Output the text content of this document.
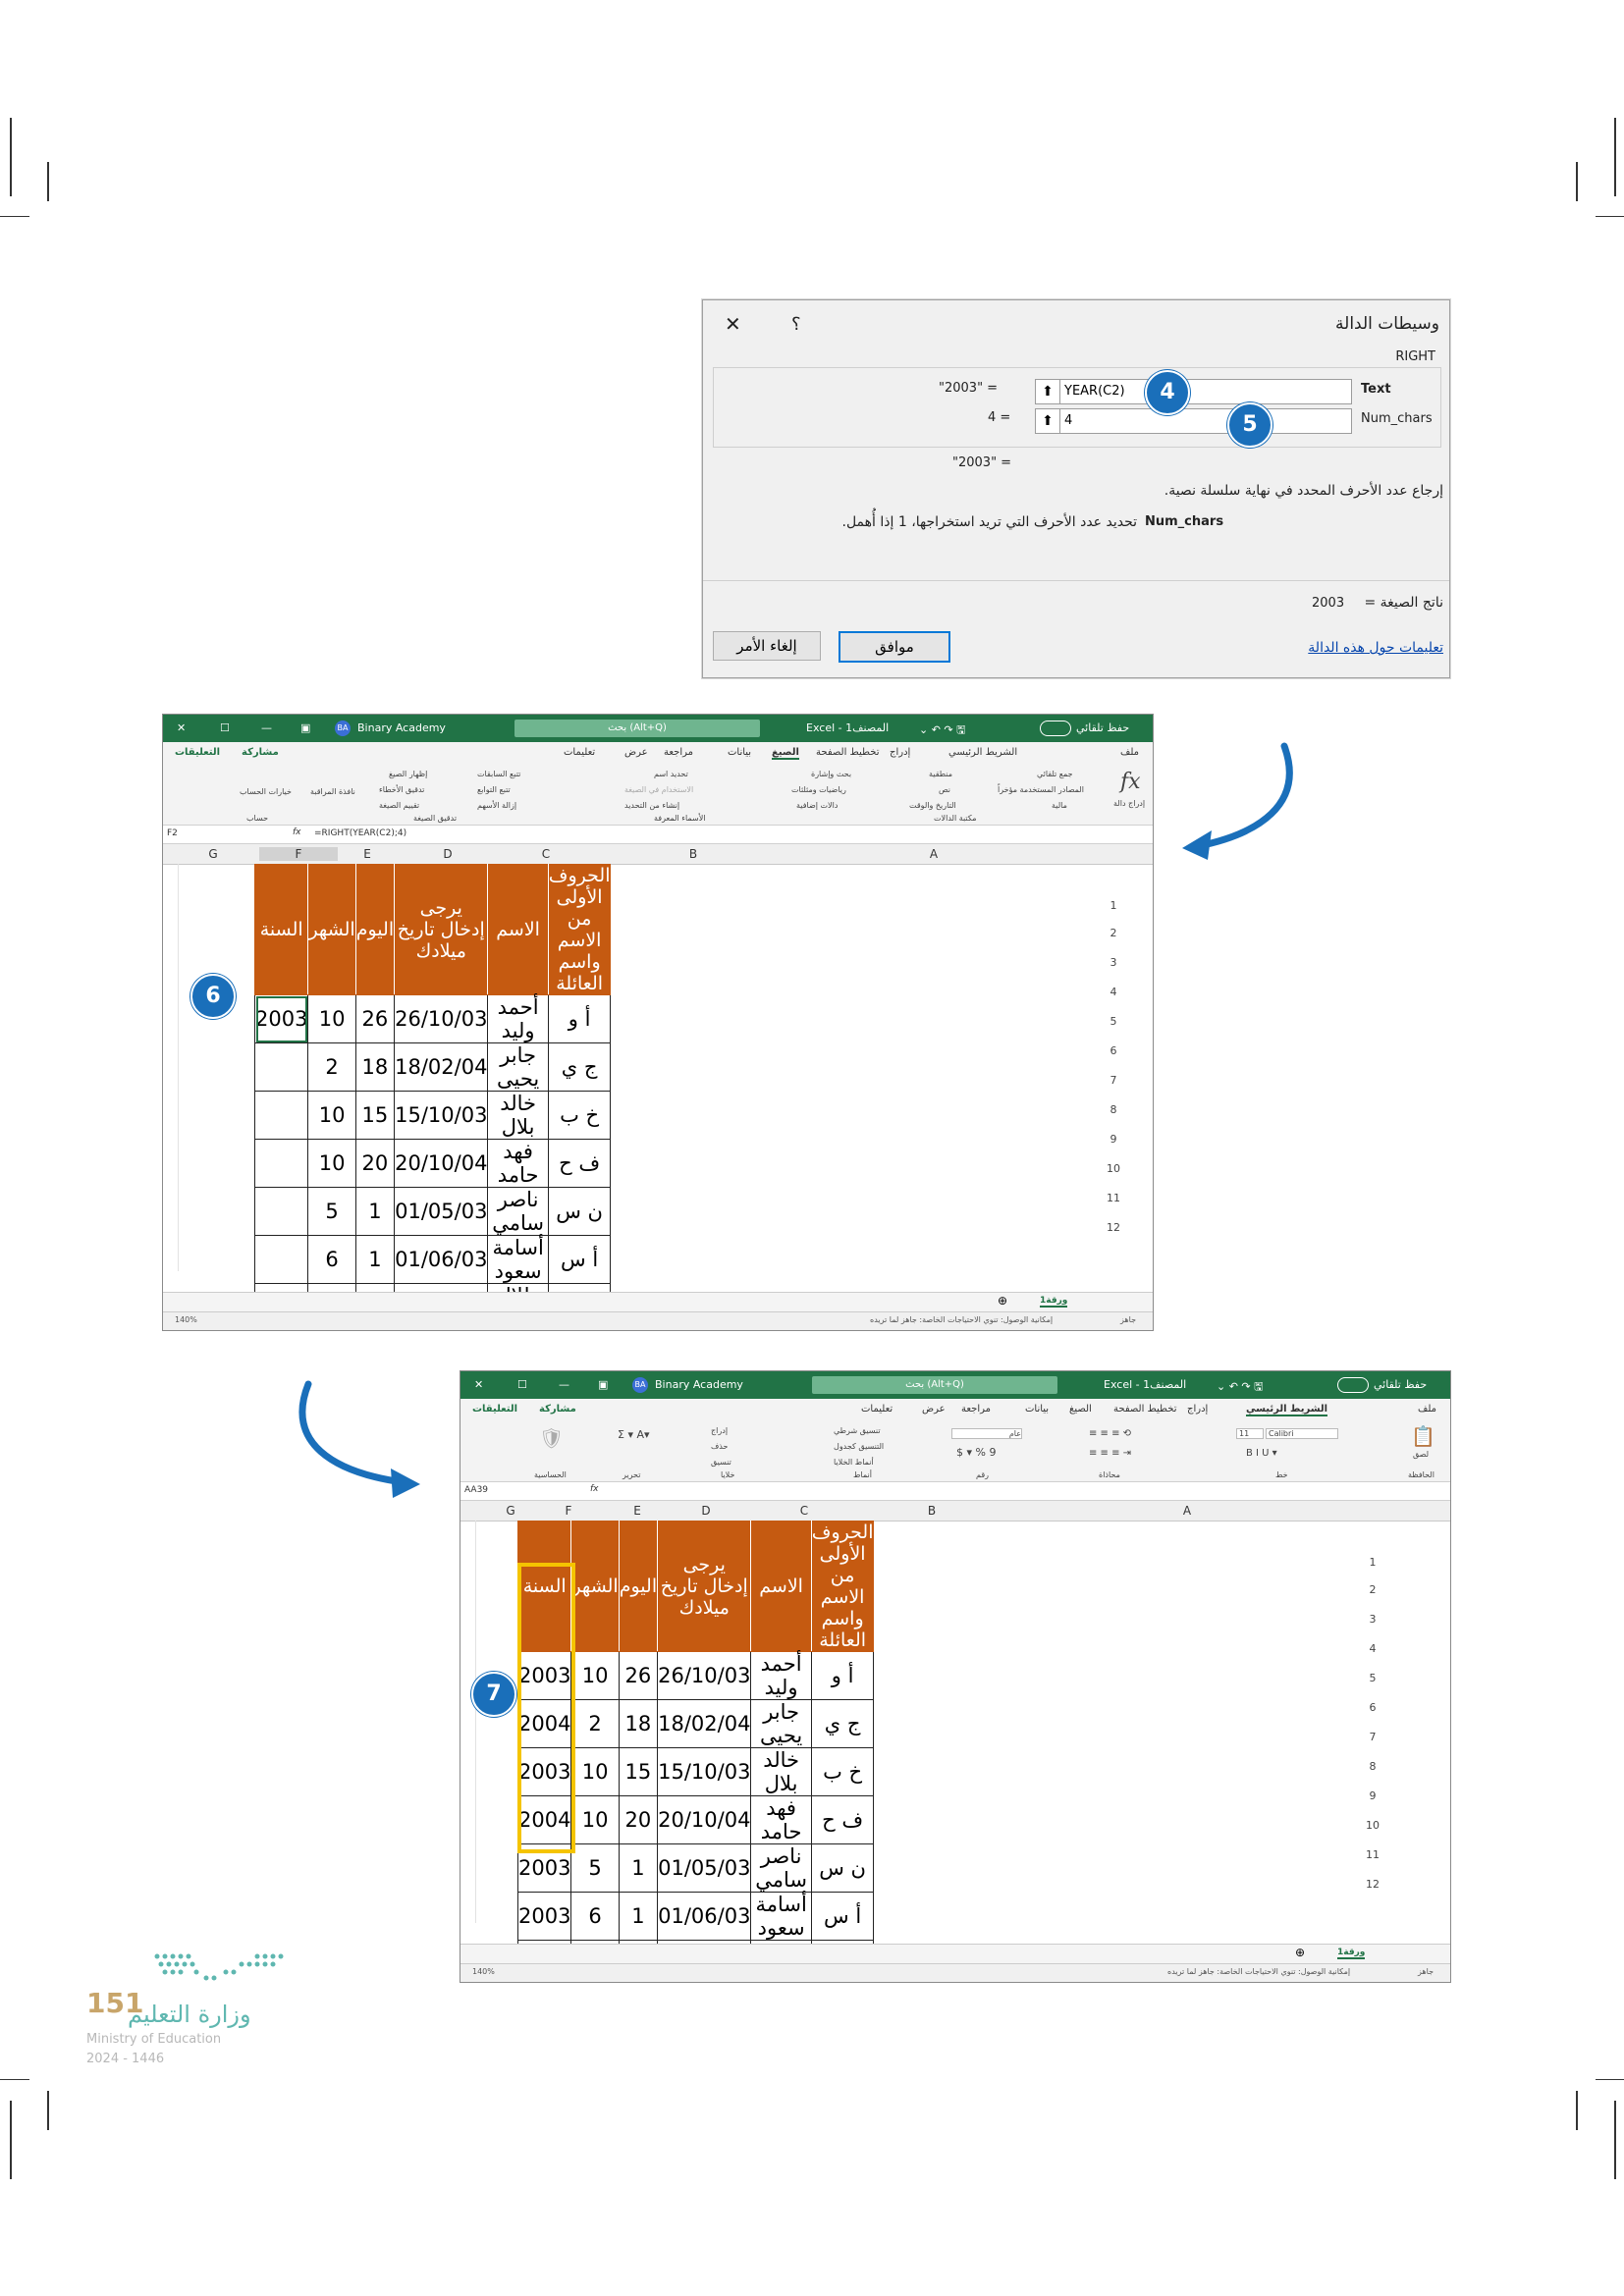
وسيطات الدالة
؟
✕
RIGHT
"2003" =	⬆ YEAR(C2)	Text
4 =	⬆ 4	Num_chars
"2003" =
إرجاع عدد الأحرف المحدد في نهاية سلسلة نصية.
Num_chars
تحديد عدد الأحرف التي تريد استخراجها، 1 إذا أُهمل.
ناتج الصيغة =
2003
تعليمات حول هذه الدالة
موافق
إلغاء الأمر
4
5
✕	☐	—	▣	BA Binary Academy	بحث (Alt+Q)	Excel - المصنف1	⌄ ↶ ↷ 🖫	حفظ تلقائي
التعليقات مشاركة	تعليمات	عرض مراجعة	بيانات الصيغ تخطيط الصفحة إدراج	الشريط الرئيسي	ملف
fx
إدراج دالة
جمع تلقائي
المصادر المستخدمة مؤخراً
مالية
منطقية
نص
التاريخ والوقت
بحث وإشارة
رياضيات ومثلثات
دالات إضافية
تحديد اسم
الاستخدام في الصيغة
إنشاء من التحديد
تتبع السابقات
تتبع التوابع
إزالة الأسهم
إظهار الصيغ
تدقيق الأخطاء
تقييم الصيغة
نافذة المراقبة
خيارات الحساب
مكتبة الدالات
الأسماء المعرفة
تدقيق الصيغة
حساب
F2	fx =RIGHT(YEAR(C2);4)
G	F	E	D	C	B	A
السنة	الشهر	اليوم	يرجى إدخال تاريخ ميلادك	الاسم	الحروف الأولى من الاسم واسم العائلة
2003	10	26	26/10/03	أحمد وليد	أ و
	2	18	18/02/04	جابر يحيى	ج ي
	10	15	15/10/03	خالد بلال	خ ب
	10	20	20/10/04	فهد حامد	ف ح
	5	1	01/05/03	ناصر سامي	ن س
	6	1	01/06/03	أسامة سعود	أ س

1
2
3
4
5
6
7
8
9
10
11
12
6
ورقة1
⊕
140%	إمكانية الوصول: تنوي الاحتياجات الخاصة: جاهز لما تريده	جاهز
✕	☐	—	▣	BA Binary Academy	بحث (Alt+Q)	Excel - المصنف1	⌄ ↶ ↷ 🖫	حفظ تلقائي
التعليقات مشاركة	تعليمات	عرض مراجعة	بيانات الصيغ تخطيط الصفحة إدراج	الشريط الرئيسي	ملف
لصق
📋
Calibri
11
B I U ▾
≡ ≡ ≡ ⟲
≡ ≡ ≡ ⇥
عام
$ ▾ % 9
تنسيق شرطي
التنسيق كجدول
أنماط الخلايا
إدراج
حذف
تنسيق
Σ ▾ A▾
🛡
الحافظة
خط
محاذاة
رقم
أنماط
خلايا
تحرير
الحساسية
AA39	fx
G	F	E	D	C	B	A
السنة	الشهر	اليوم	يرجى إدخال تاريخ ميلادك	الاسم	الحروف الأولى من الاسم واسم العائلة
2003	10	26	26/10/03	أحمد وليد	أ و
2004	2	18	18/02/04	جابر يحيى	ج ي
2003	10	15	15/10/03	خالد بلال	خ ب
2004	10	20	20/10/04	فهد حامد	ف ح
2003	5	1	01/05/03	ناصر سامي	ن س
2003	6	1	01/06/03	أسامة سعود	أ س

1
2
3
4
5
6
7
8
9
10
11
12
7
ورقة1
⊕
140%	إمكانية الوصول: تنوي الاحتياجات الخاصة: جاهز لما تريده	جاهز
151
وزارة التعليم
Ministry of Education
2024 - 1446
